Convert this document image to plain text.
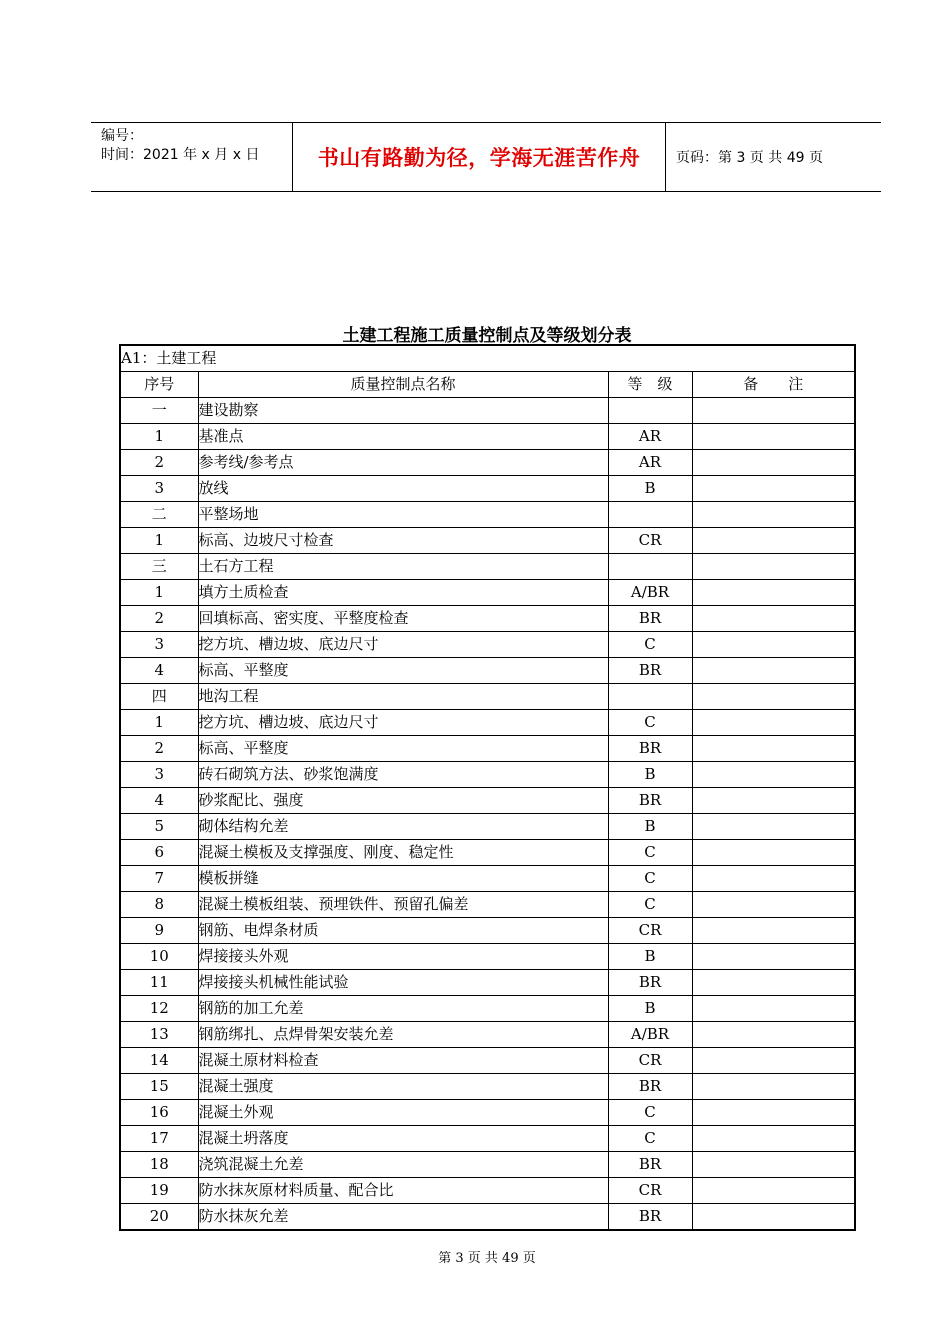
编号：
时间：2021 年 x 月 x 日	书山有路勤为径，学海无涯苦作舟	页码：第 3 页 共 49 页
土建工程施工质量控制点及等级划分表
A1：土建工程			
序号	质量控制点名称	等　级	备　　注
一	建设勘察		
1	基准点	AR	
2	参考线/参考点	AR	
3	放线	B	
二	平整场地		
1	标高、边坡尺寸检查	CR	
三	土石方工程		
1	填方土质检查	A/BR	
2	回填标高、密实度、平整度检查	BR	
3	挖方坑、槽边坡、底边尺寸	C	
4	标高、平整度	BR	
四	地沟工程		
1	挖方坑、槽边坡、底边尺寸	C	
2	标高、平整度	BR	
3	砖石砌筑方法、砂浆饱满度	B	
4	砂浆配比、强度	BR	
5	砌体结构允差	B	
6	混凝土模板及支撑强度、刚度、稳定性	C	
7	模板拼缝	C	
8	混凝土模板组装、预埋铁件、预留孔偏差	C	
9	钢筋、电焊条材质	CR	
10	焊接接头外观	B	
11	焊接接头机械性能试验	BR	
12	钢筋的加工允差	B	
13	钢筋绑扎、点焊骨架安装允差	A/BR	
14	混凝土原材料检查	CR	
15	混凝土强度	BR	
16	混凝土外观	C	
17	混凝土坍落度	C	
18	浇筑混凝土允差	BR	
19	防水抹灰原材料质量、配合比	CR	
20	防水抹灰允差	BR	
第 3 页 共 49 页
